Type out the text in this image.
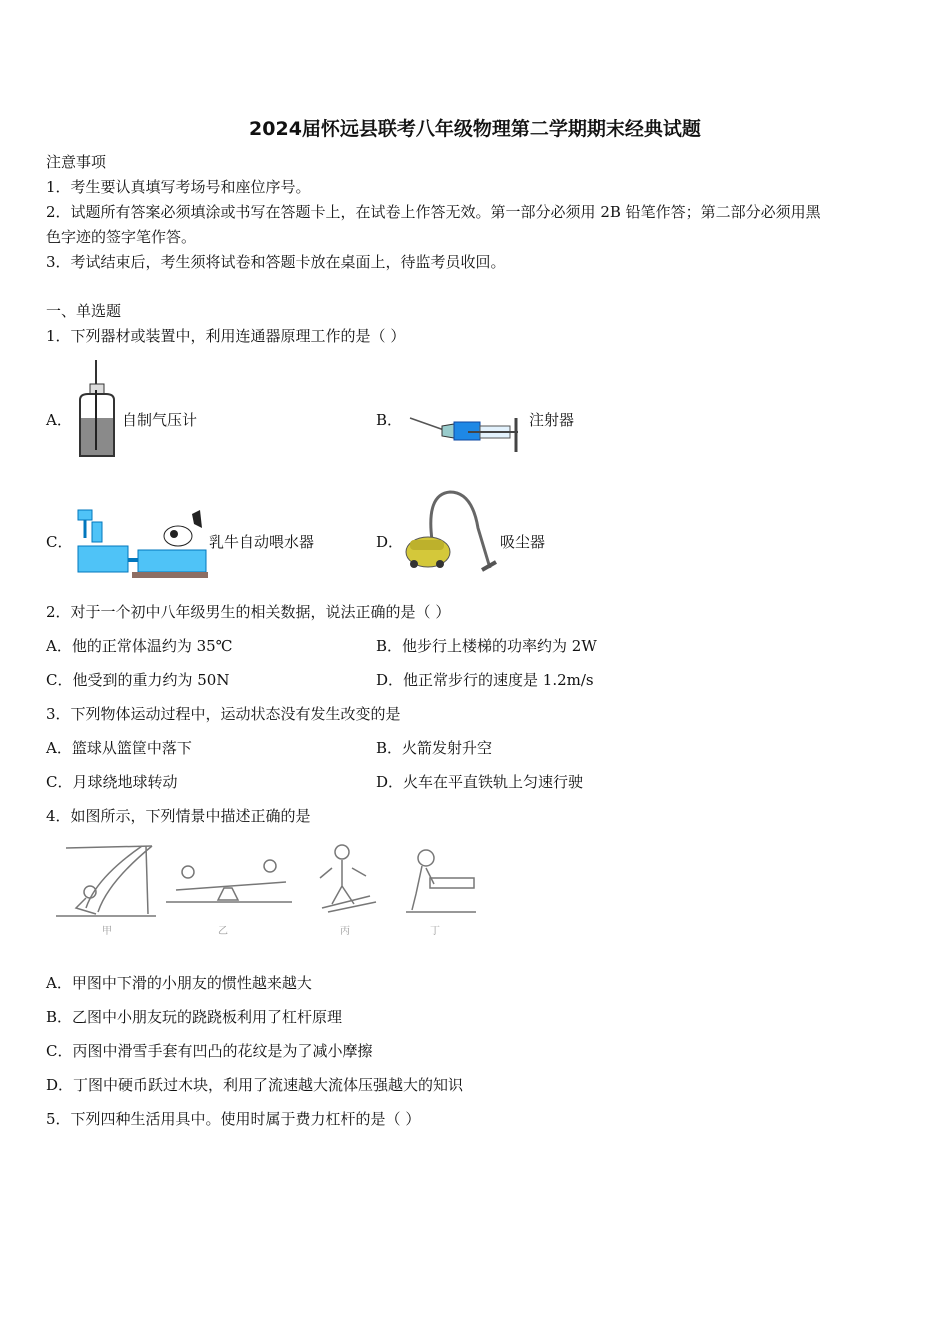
2024届怀远县联考八年级物理第二学期期末经典试题
注意事项
1．考生要认真填写考场号和座位序号。
2．试题所有答案必须填涂或书写在答题卡上，在试卷上作答无效。第一部分必须用 2B 铅笔作答；第二部分必须用黑
色字迹的签字笔作答。
3．考试结束后，考生须将试卷和答题卡放在桌面上，待监考员收回。
一、单选题
1．下列器材或装置中，利用连通器原理工作的是（ ）
A．	自制气压计	B．	注射器
C．	乳牛自动喂水器	D．	吸尘器
2．对于一个初中八年级男生的相关数据，说法正确的是（ ）
A．他的正常体温约为 35℃	B．他步行上楼梯的功率约为 2W
C．他受到的重力约为 50N	D．他正常步行的速度是 1.2m/s
3．下列物体运动过程中，运动状态没有发生改变的是
A．篮球从篮筐中落下	B．火箭发射升空
C．月球绕地球转动	D．火车在平直铁轨上匀速行驶
4．如图所示，下列情景中描述正确的是
甲	乙	丙	丁
A．甲图中下滑的小朋友的惯性越来越大
B．乙图中小朋友玩的跷跷板利用了杠杆原理
C．丙图中滑雪手套有凹凸的花纹是为了减小摩擦
D．丁图中硬币跃过木块，利用了流速越大流体压强越大的知识
5．下列四种生活用具中。使用时属于费力杠杆的是（ ）
